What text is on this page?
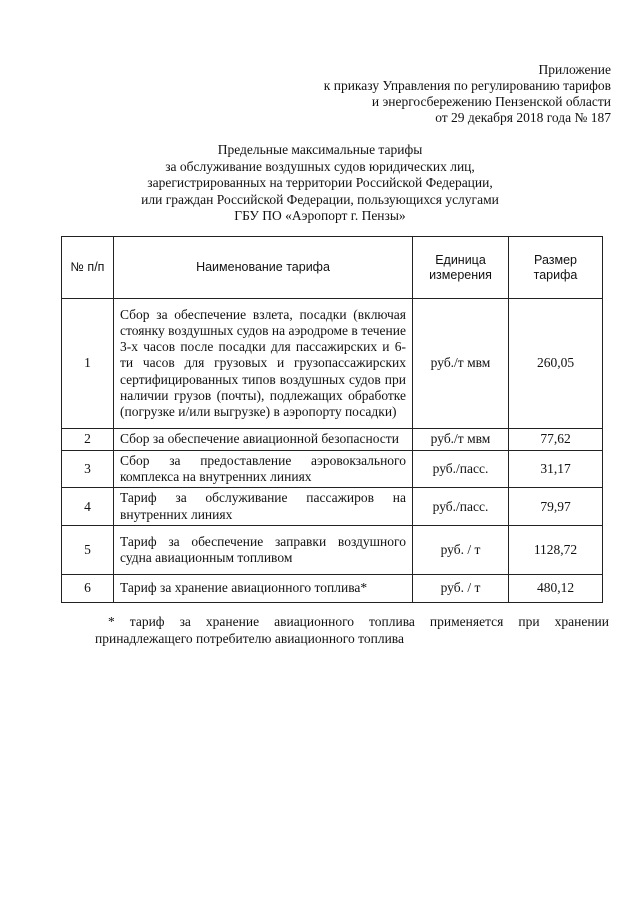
Приложение
к приказу Управления по регулированию тарифов
и энергосбережению Пензенской области
от 29 декабря 2018 года № 187
Предельные максимальные тарифы
за обслуживание воздушных судов юридических лиц,
зарегистрированных на территории Российской Федерации,
или граждан Российской Федерации, пользующихся услугами
ГБУ ПО «Аэропорт г. Пензы»
№ п/п	Наименование тарифа	Единица измерения	Размер тарифа
1	Сбор за обеспечение взлета, посадки (включая стоянку воздушных судов на аэродроме в течение 3-х часов после посадки для пассажирских и 6-ти часов для грузовых и грузопассажирских сертифицированных типов воздушных судов при наличии грузов (почты), подлежащих обработке (погрузке и/или выгрузке) в аэропорту посадки)	руб./т мвм	260,05
2	Сбор за обеспечение авиационной безопасности	руб./т мвм	77,62
3	Сбор за предоставление аэровокзального комплекса на внутренних линиях	руб./пасс.	31,17
4	Тариф за обслуживание пассажиров на внутренних линиях	руб./пасс.	79,97
5	Тариф за обеспечение заправки воздушного судна авиационным топливом	руб. / т	1128,72
6	Тариф за хранение авиационного топлива*	руб. / т	480,12
* тариф за хранение авиационного топлива применяется при хранении принадлежащего потребителю авиационного топлива
